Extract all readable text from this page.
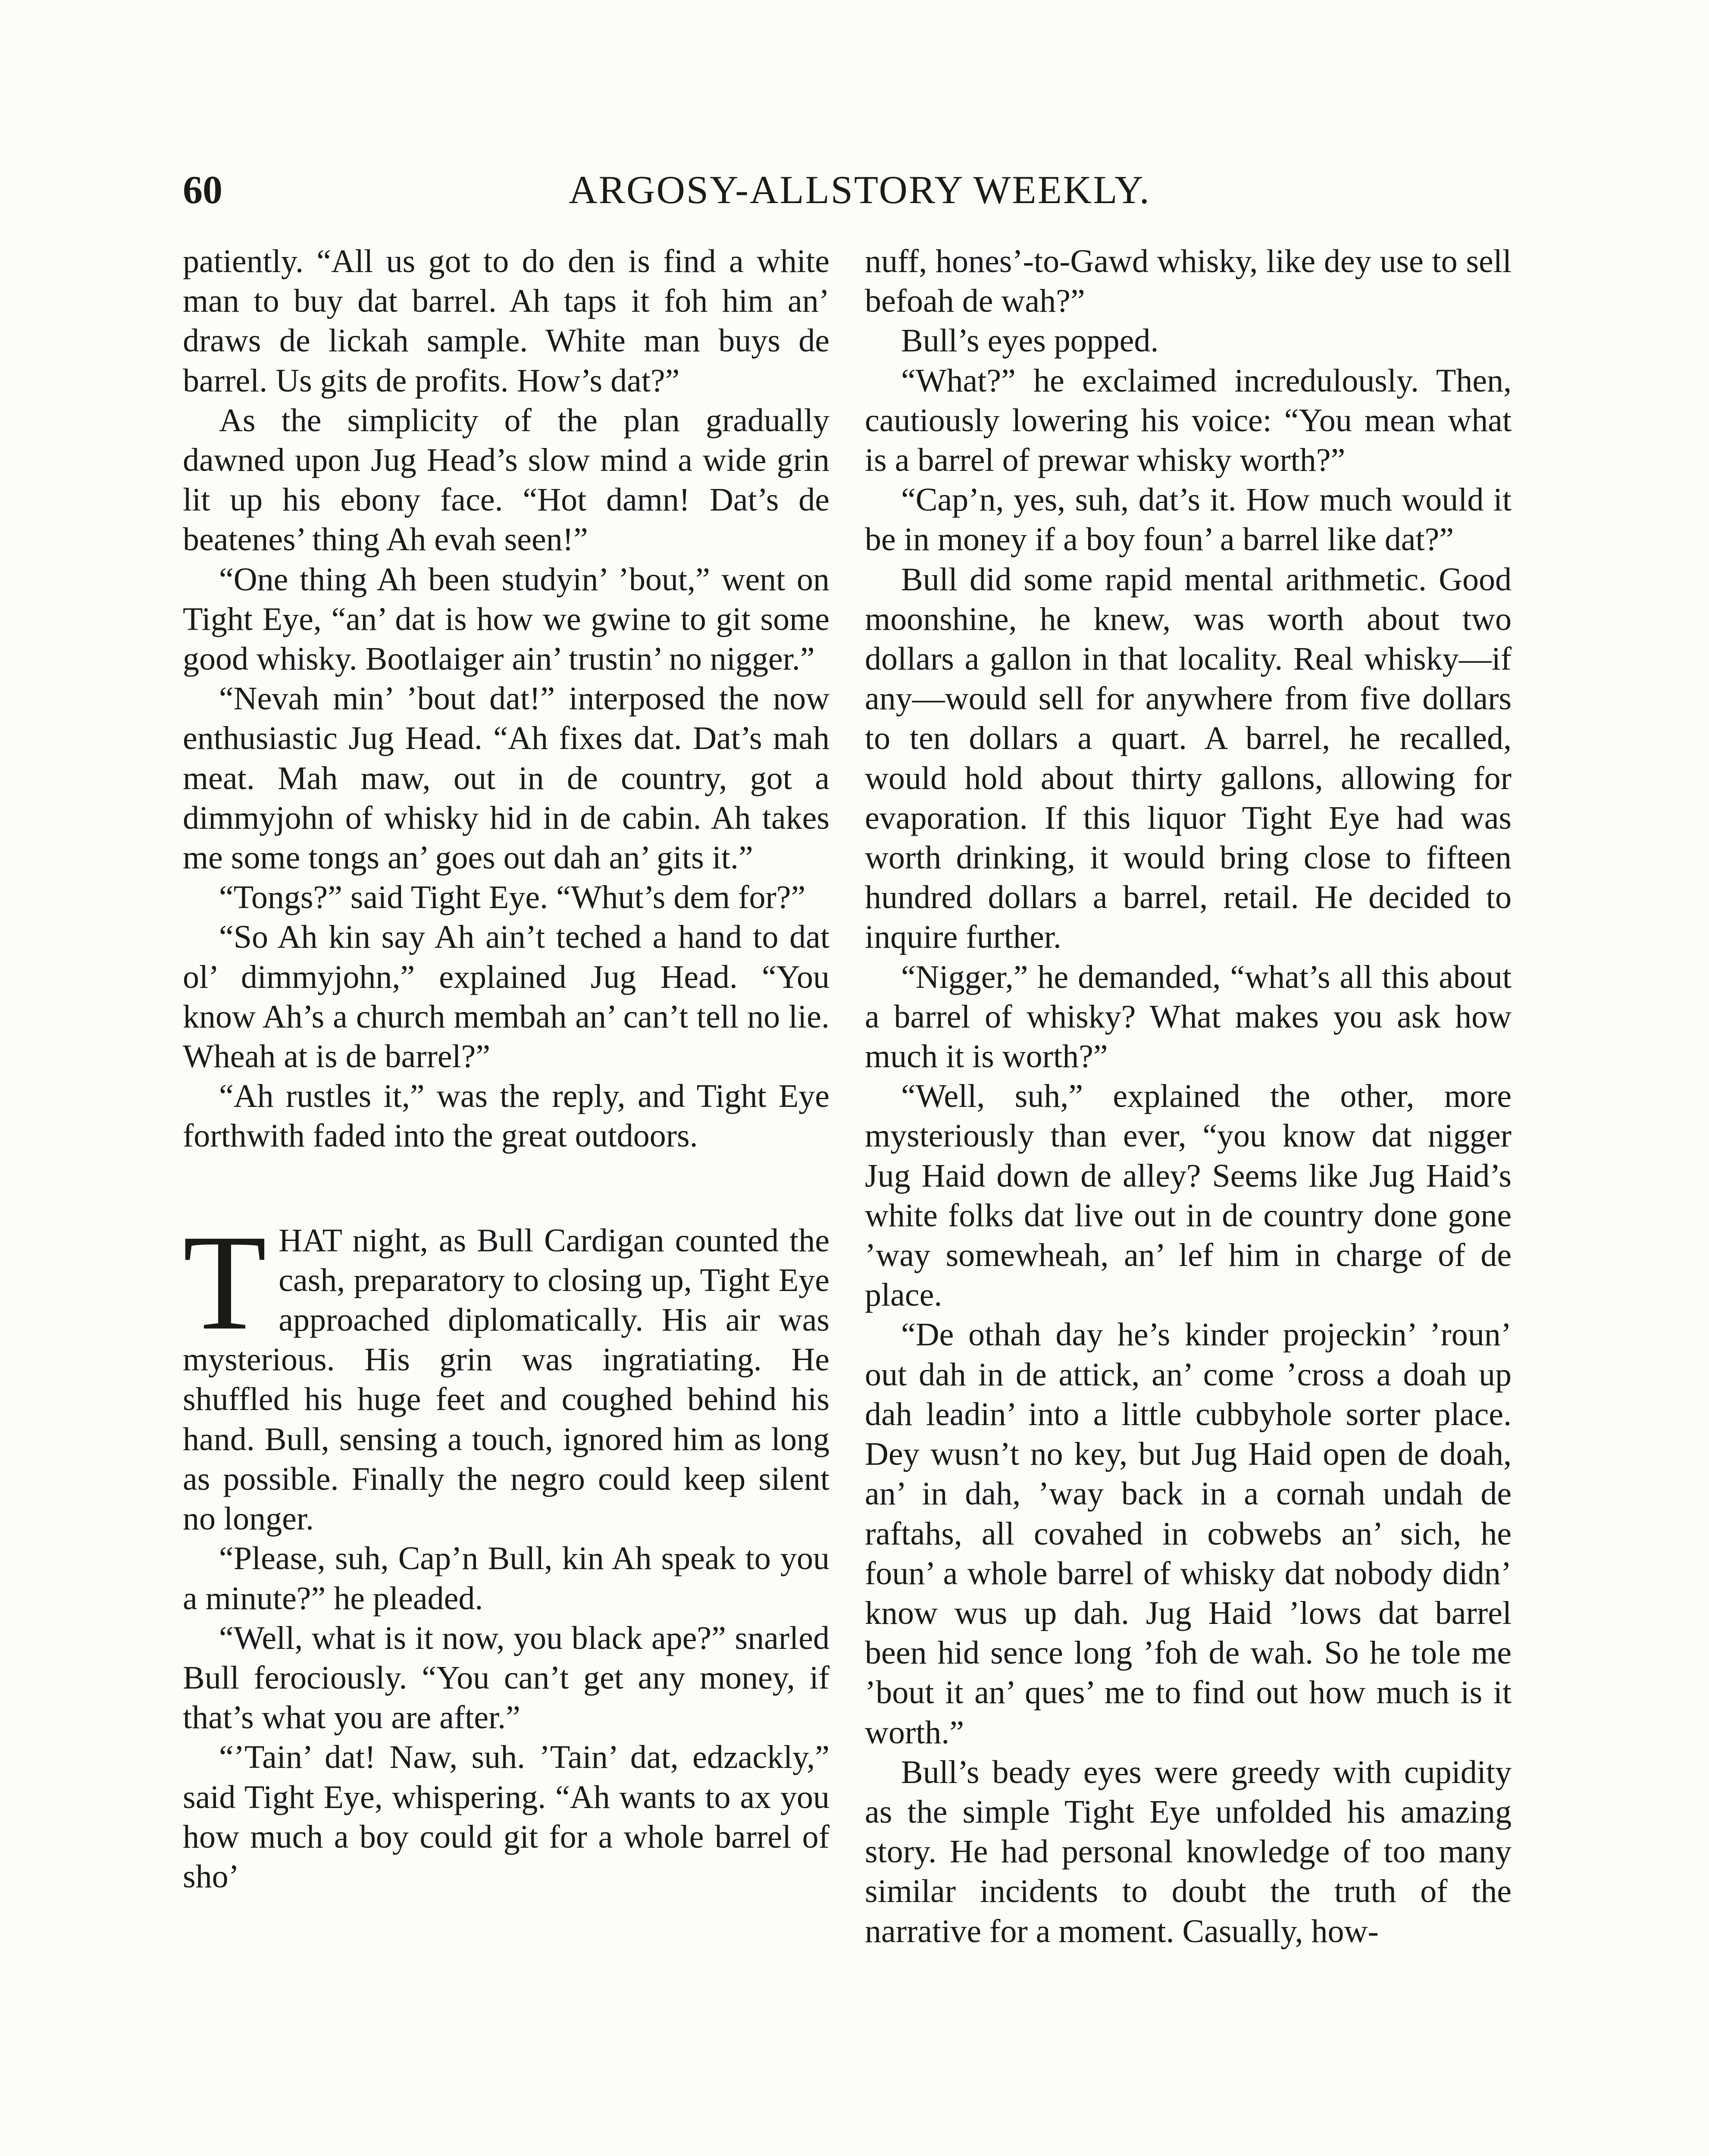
60	ARGOSY-ALLSTORY WEEKLY.

patiently. “All us got to do den is find a white man to buy dat barrel. Ah taps it foh him an’ draws de lickah sample. White man buys de barrel. Us gits de profits. How’s dat?”

As the simplicity of the plan gradually dawned upon Jug Head’s slow mind a wide grin lit up his ebony face. “Hot damn! Dat’s de beatenes’ thing Ah evah seen!”

“One thing Ah been studyin’ ’bout,” went on Tight Eye, “an’ dat is how we gwine to git some good whisky. Bootlaiger ain’ trustin’ no nigger.”

“Nevah min’ ’bout dat!” interposed the now enthusiastic Jug Head. “Ah fixes dat. Dat’s mah meat. Mah maw, out in de country, got a dimmyjohn of whisky hid in de cabin. Ah takes me some tongs an’ goes out dah an’ gits it.”

“Tongs?” said Tight Eye. “Whut’s dem for?”

“So Ah kin say Ah ain’t teched a hand to dat ol’ dimmyjohn,” explained Jug Head. “You know Ah’s a church membah an’ can’t tell no lie. Wheah at is de barrel?”

“Ah rustles it,” was the reply, and Tight Eye forthwith faded into the great outdoors.

THAT night, as Bull Cardigan counted the cash, preparatory to closing up, Tight Eye approached diplomatically. His air was mysterious. His grin was ingratiating. He shuffled his huge feet and coughed behind his hand. Bull, sensing a touch, ignored him as long as possible. Finally the negro could keep silent no longer.

“Please, suh, Cap’n Bull, kin Ah speak to you a minute?” he pleaded.

“Well, what is it now, you black ape?” snarled Bull ferociously. “You can’t get any money, if that’s what you are after.”

“’Tain’ dat! Naw, suh. ’Tain’ dat, edzackly,” said Tight Eye, whispering. “Ah wants to ax you how much a boy could git for a whole barrel of sho’

nuff, hones’-to-Gawd whisky, like dey use to sell befoah de wah?”

Bull’s eyes popped.

“What?” he exclaimed incredulously. Then, cautiously lowering his voice: “You mean what is a barrel of prewar whisky worth?”

“Cap’n, yes, suh, dat’s it. How much would it be in money if a boy foun’ a barrel like dat?”

Bull did some rapid mental arithmetic. Good moonshine, he knew, was worth about two dollars a gallon in that locality. Real whisky—if any—would sell for anywhere from five dollars to ten dollars a quart. A barrel, he recalled, would hold about thirty gallons, allowing for evaporation. If this liquor Tight Eye had was worth drinking, it would bring close to fifteen hundred dollars a barrel, retail. He decided to inquire further.

“Nigger,” he demanded, “what’s all this about a barrel of whisky? What makes you ask how much it is worth?”

“Well, suh,” explained the other, more mysteriously than ever, “you know dat nigger Jug Haid down de alley? Seems like Jug Haid’s white folks dat live out in de country done gone ’way somewheah, an’ lef him in charge of de place.

“De othah day he’s kinder projeckin’ ’roun’ out dah in de attick, an’ come ’cross a doah up dah leadin’ into a little cubbyhole sorter place. Dey wusn’t no key, but Jug Haid open de doah, an’ in dah, ’way back in a cornah undah de raftahs, all covahed in cobwebs an’ sich, he foun’ a whole barrel of whisky dat nobody didn’ know wus up dah. Jug Haid ’lows dat barrel been hid sence long ’foh de wah. So he tole me ’bout it an’ ques’ me to find out how much is it worth.”

Bull’s beady eyes were greedy with cupidity as the simple Tight Eye unfolded his amazing story. He had personal knowledge of too many similar incidents to doubt the truth of the narrative for a moment. Casually, how-
